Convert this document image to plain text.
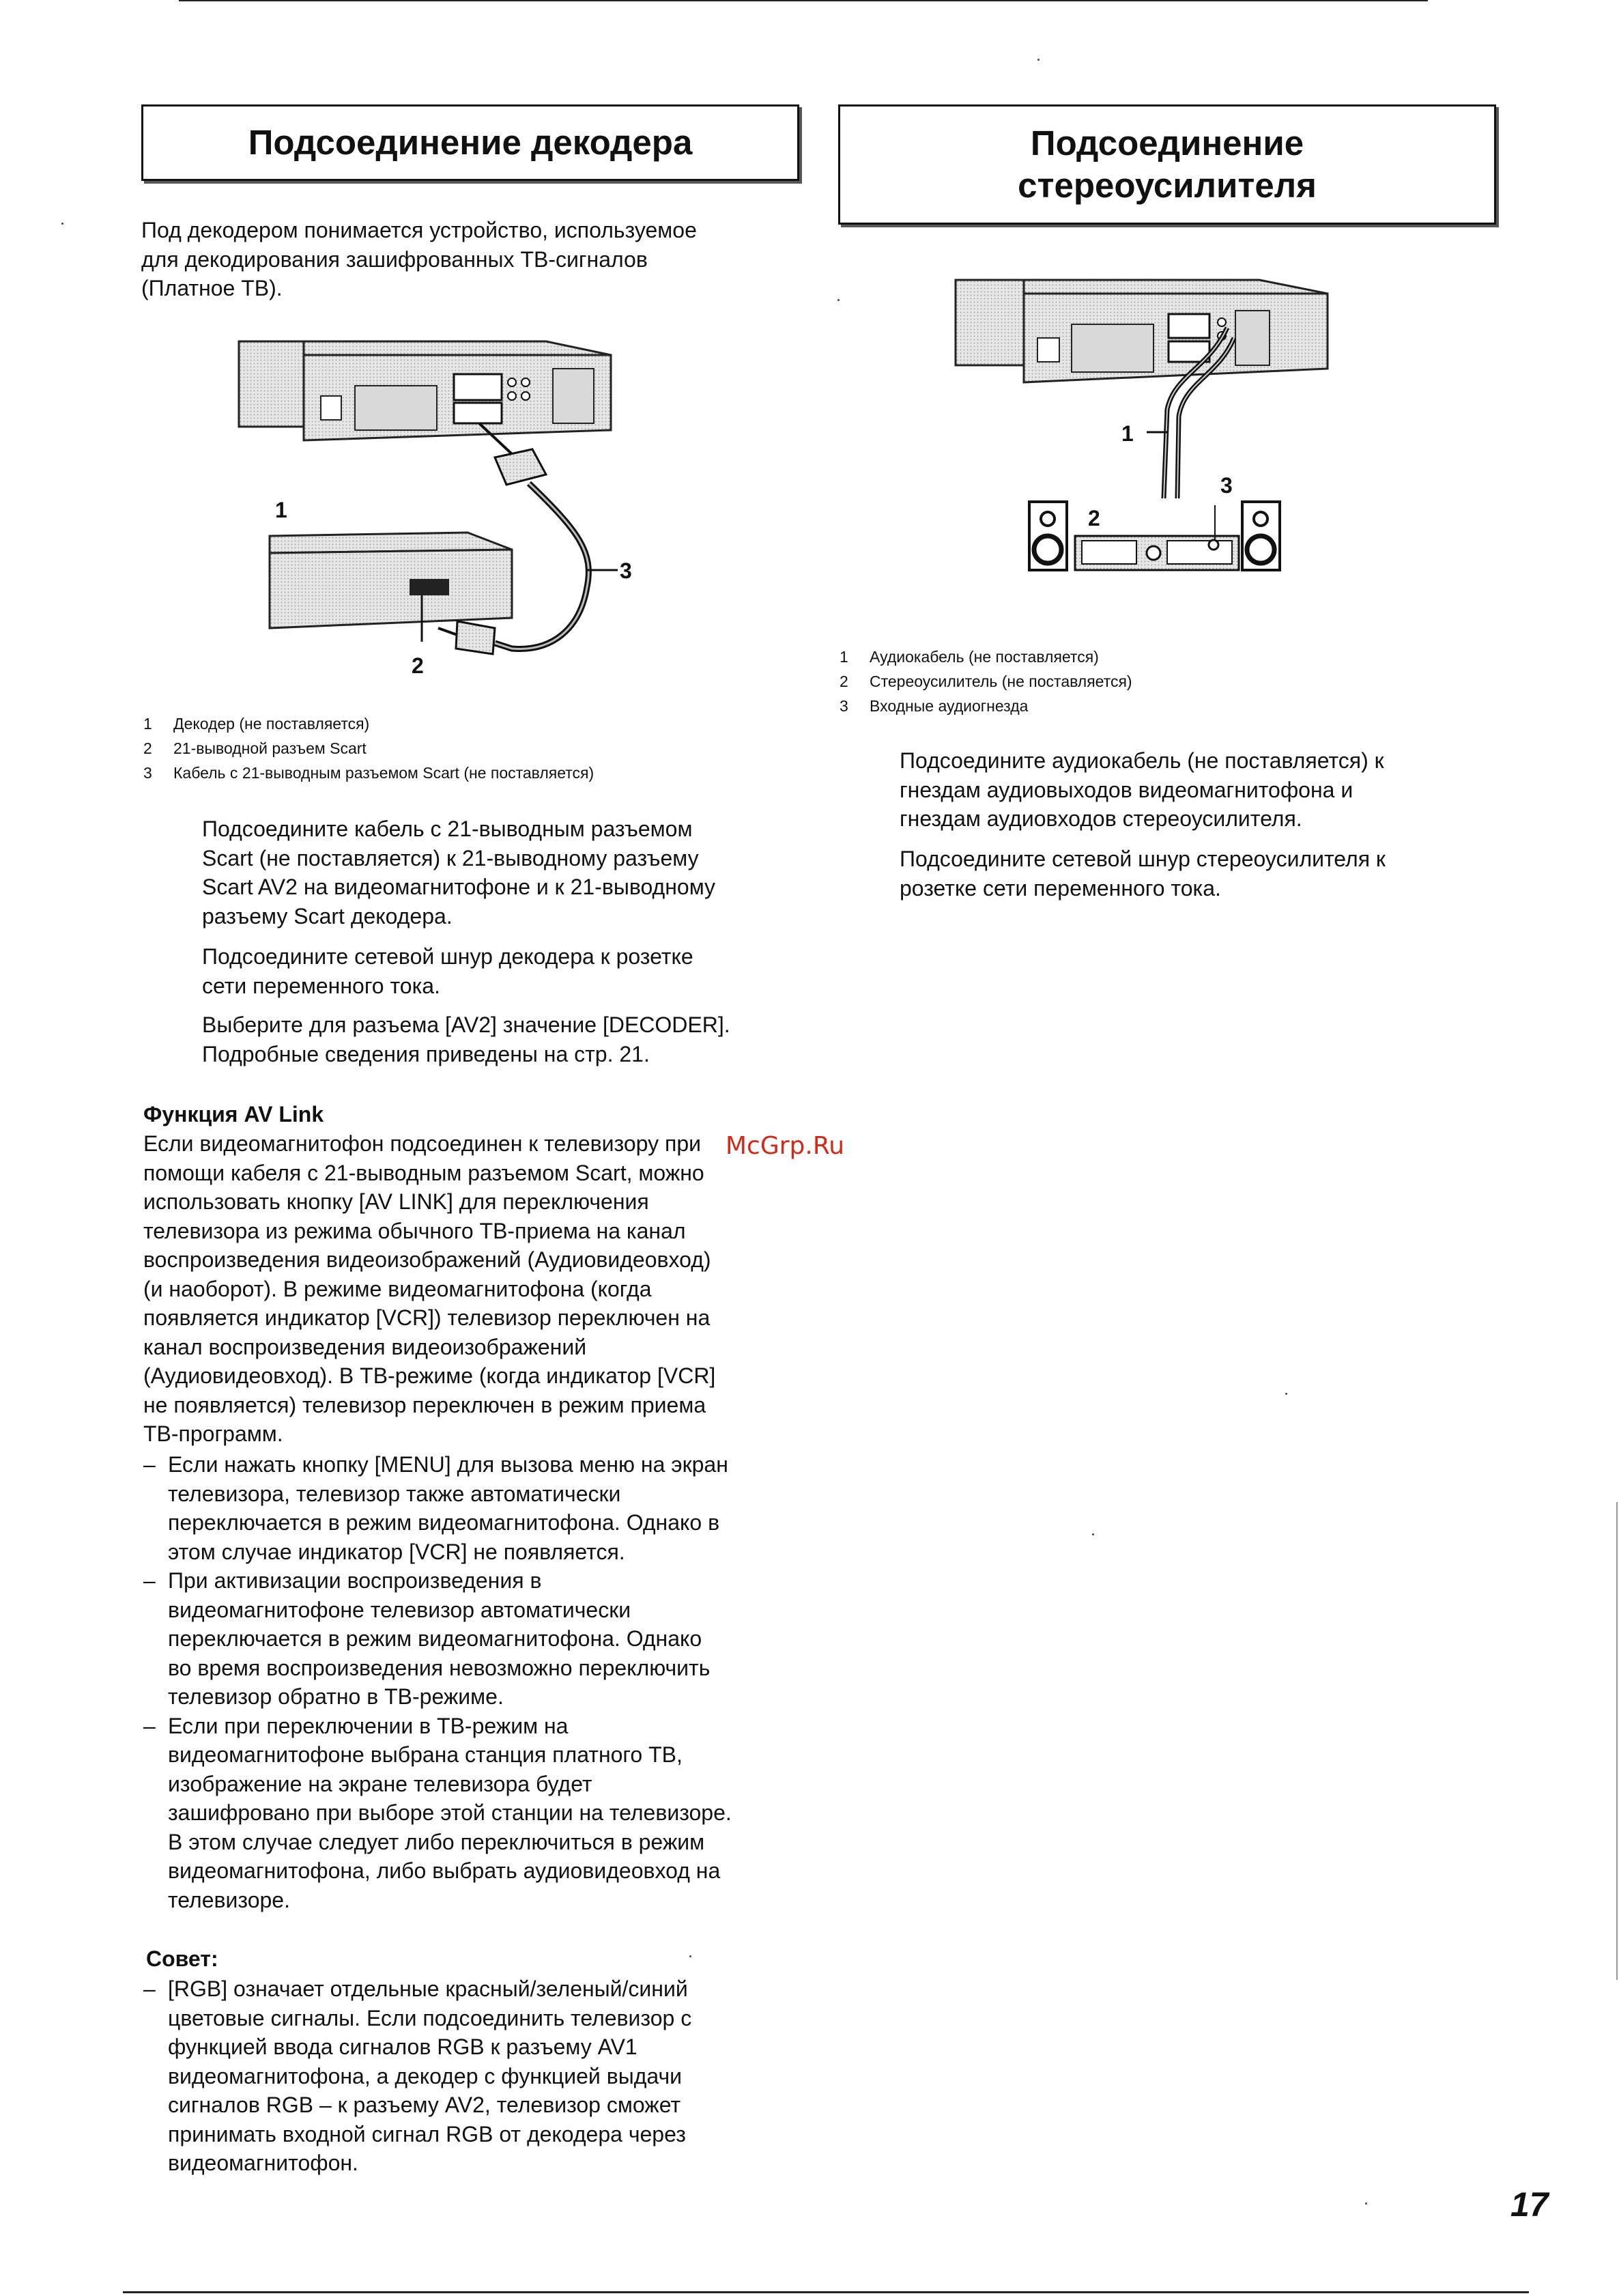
Подсоединение декодера	Подсоединение
стереоусилителя

Под декодером понимается устройство, используемое
для декодирования зашифрованных ТВ-сигналов
(Платное ТВ).

1
2
3
1 Декодер (не поставляется)
2 21-выводной разъем Scart
3 Кабель с 21-выводным разъемом Scart (не поставляется)

Подсоедините кабель с 21-выводным разъемом
Scart (не поставляется) к 21-выводному разъему
Scart AV2 на видеомагнитофоне и к 21-выводному
разъему Scart декодера.

Подсоедините сетевой шнур декодера к розетке
сети переменного тока.

Выберите для разъема [AV2] значение [DECODER].
Подробные сведения приведены на стр. 21.

Функция AV Link

Если видеомагнитофон подсоединен к телевизору при
помощи кабеля с 21-выводным разъемом Scart, можно
использовать кнопку [AV LINK] для переключения
телевизора из режима обычного ТВ-приема на канал
воспроизведения видеоизображений (Аудиовидеовход)
(и наоборот). В режиме видеомагнитофона (когда
появляется индикатор [VCR]) телевизор переключен на
канал воспроизведения видеоизображений
(Аудиовидеовход). В ТВ-режиме (когда индикатор [VCR]
не появляется) телевизор переключен в режим приема
ТВ-программ.

– Если нажать кнопку [MENU] для вызова меню на экран
телевизора, телевизор также автоматически
переключается в режим видеомагнитофона. Однако в
этом случае индикатор [VCR] не появляется.
– При активизации воспроизведения в
видеомагнитофоне телевизор автоматически
переключается в режим видеомагнитофона. Однако
во время воспроизведения невозможно переключить
телевизор обратно в ТВ-режиме.
– Если при переключении в ТВ-режим на
видеомагнитофоне выбрана станция платного ТВ,
изображение на экране телевизора будет
зашифровано при выборе этой станции на телевизоре.
В этом случае следует либо переключиться в режим
видеомагнитофона, либо выбрать аудиовидеовход на
телевизоре.
Совет:
– [RGB] означает отдельные красный/зеленый/синий
цветовые сигналы. Если подсоединить телевизор с
функцией ввода сигналов RGB к разъему AV1
видеомагнитофона, а декодер с функцией выдачи
сигналов RGB – к разъему AV2, телевизор сможет
принимать входной сигнал RGB от декодера через
видеомагнитофон.
1
2
3
1 Аудиокабель (не поставляется)
2 Стереоусилитель (не поставляется)
3 Входные аудиогнезда

Подсоедините аудиокабель (не поставляется) к
гнездам аудиовыходов видеомагнитофона и
гнездам аудиовходов стереоусилителя.

Подсоедините сетевой шнур стереоусилителя к
розетке сети переменного тока.

McGrp.Ru
17
